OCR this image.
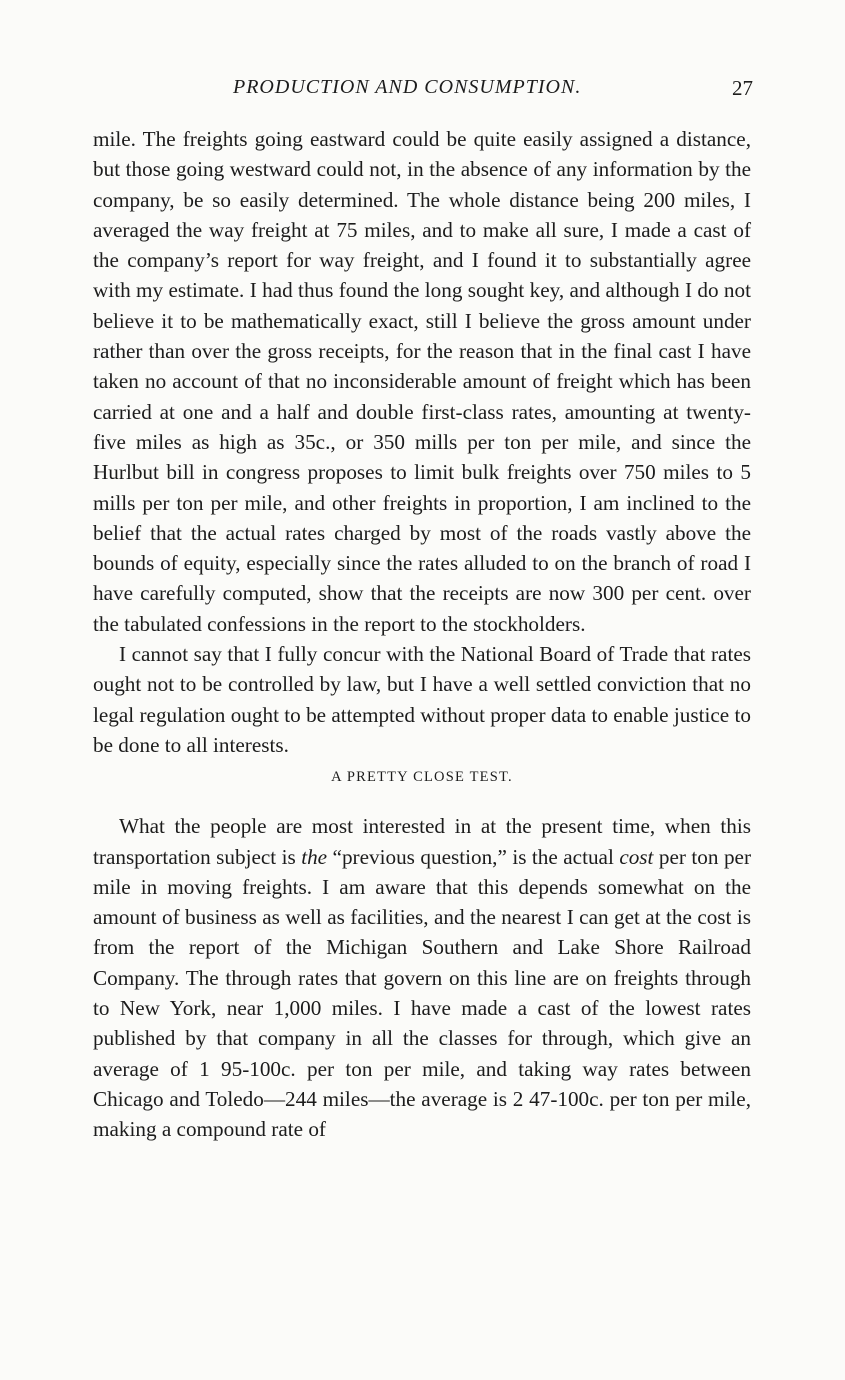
PRODUCTION AND CONSUMPTION.	27

mile. The freights going eastward could be quite easily assigned a distance, but those going westward could not, in the absence of any information by the company, be so easily determined. The whole distance being 200 miles, I averaged the way freight at 75 miles, and to make all sure, I made a cast of the company’s report for way freight, and I found it to substantially agree with my estimate. I had thus found the long sought key, and although I do not believe it to be mathematically exact, still I believe the gross amount under rather than over the gross receipts, for the reason that in the final cast I have taken no account of that no inconsiderable amount of freight which has been carried at one and a half and double first-class rates, amounting at twenty-five miles as high as 35c., or 350 mills per ton per mile, and since the Hurlbut bill in congress proposes to limit bulk freights over 750 miles to 5 mills per ton per mile, and other freights in proportion, I am inclined to the belief that the actual rates charged by most of the roads vastly above the bounds of equity, especially since the rates alluded to on the branch of road I have carefully computed, show that the receipts are now 300 per cent. over the tabulated confessions in the report to the stockholders.

I cannot say that I fully concur with the National Board of Trade that rates ought not to be controlled by law, but I have a well settled conviction that no legal regulation ought to be attempted without proper data to enable justice to be done to all interests.

A PRETTY CLOSE TEST.

What the people are most interested in at the present time, when this transportation subject is the “previous question,” is the actual cost per ton per mile in moving freights. I am aware that this depends somewhat on the amount of business as well as facilities, and the nearest I can get at the cost is from the report of the Michigan Southern and Lake Shore Railroad Company. The through rates that govern on this line are on freights through to New York, near 1,000 miles. I have made a cast of the lowest rates published by that company in all the classes for through, which give an average of 1 95-100c. per ton per mile, and taking way rates between Chicago and Toledo—244 miles—the average is 2 47-100c. per ton per mile, making a compound rate of
